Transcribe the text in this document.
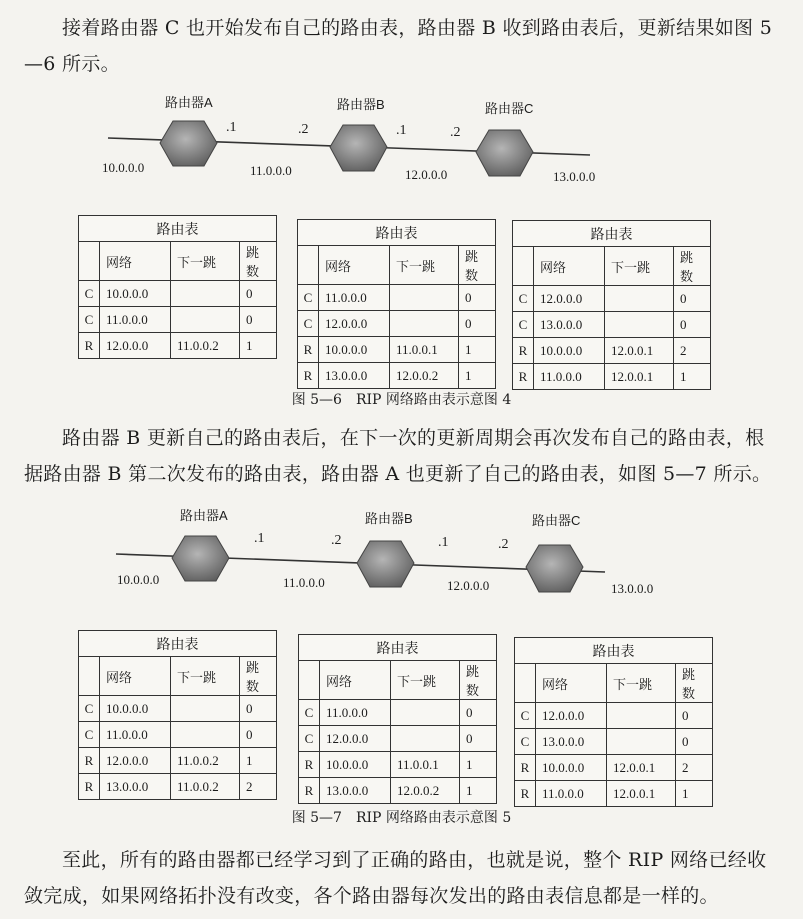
接着路由器 C 也开始发布自己的路由表，路由器 B 收到路由表后，更新结果如图 5—6 所示。
路由器A	路由器B	路由器C
.1	.2	.1	.2
10.0.0.0	11.0.0.0	12.0.0.0	13.0.0.0
路由表			
	网络	下一跳	跳数
C	10.0.0.0		0
C	11.0.0.0		0
R	12.0.0.0	11.0.0.2	1
路由表			
	网络	下一跳	跳数
C	11.0.0.0		0
C	12.0.0.0		0
R	10.0.0.0	11.0.0.1	1
R	13.0.0.0	12.0.0.2	1
路由表			
	网络	下一跳	跳数
C	12.0.0.0		0
C	13.0.0.0		0
R	10.0.0.0	12.0.0.1	2
R	11.0.0.0	12.0.0.1	1
图 5—6　RIP 网络路由表示意图 4
路由器 B 更新自己的路由表后，在下一次的更新周期会再次发布自己的路由表，根据路由器 B 第二次发布的路由表，路由器 A 也更新了自己的路由表，如图 5—7 所示。
路由器A	路由器B	路由器C
.1	.2	.1	.2
10.0.0.0	11.0.0.0	12.0.0.0	13.0.0.0
路由表			
	网络	下一跳	跳数
C	10.0.0.0		0
C	11.0.0.0		0
R	12.0.0.0	11.0.0.2	1
R	13.0.0.0	11.0.0.2	2
路由表			
	网络	下一跳	跳数
C	11.0.0.0		0
C	12.0.0.0		0
R	10.0.0.0	11.0.0.1	1
R	13.0.0.0	12.0.0.2	1
路由表			
	网络	下一跳	跳数
C	12.0.0.0		0
C	13.0.0.0		0
R	10.0.0.0	12.0.0.1	2
R	11.0.0.0	12.0.0.1	1
图 5—7　RIP 网络路由表示意图 5
至此，所有的路由器都已经学习到了正确的路由，也就是说，整个 RIP 网络已经收敛完成，如果网络拓扑没有改变，各个路由器每次发出的路由表信息都是一样的。
